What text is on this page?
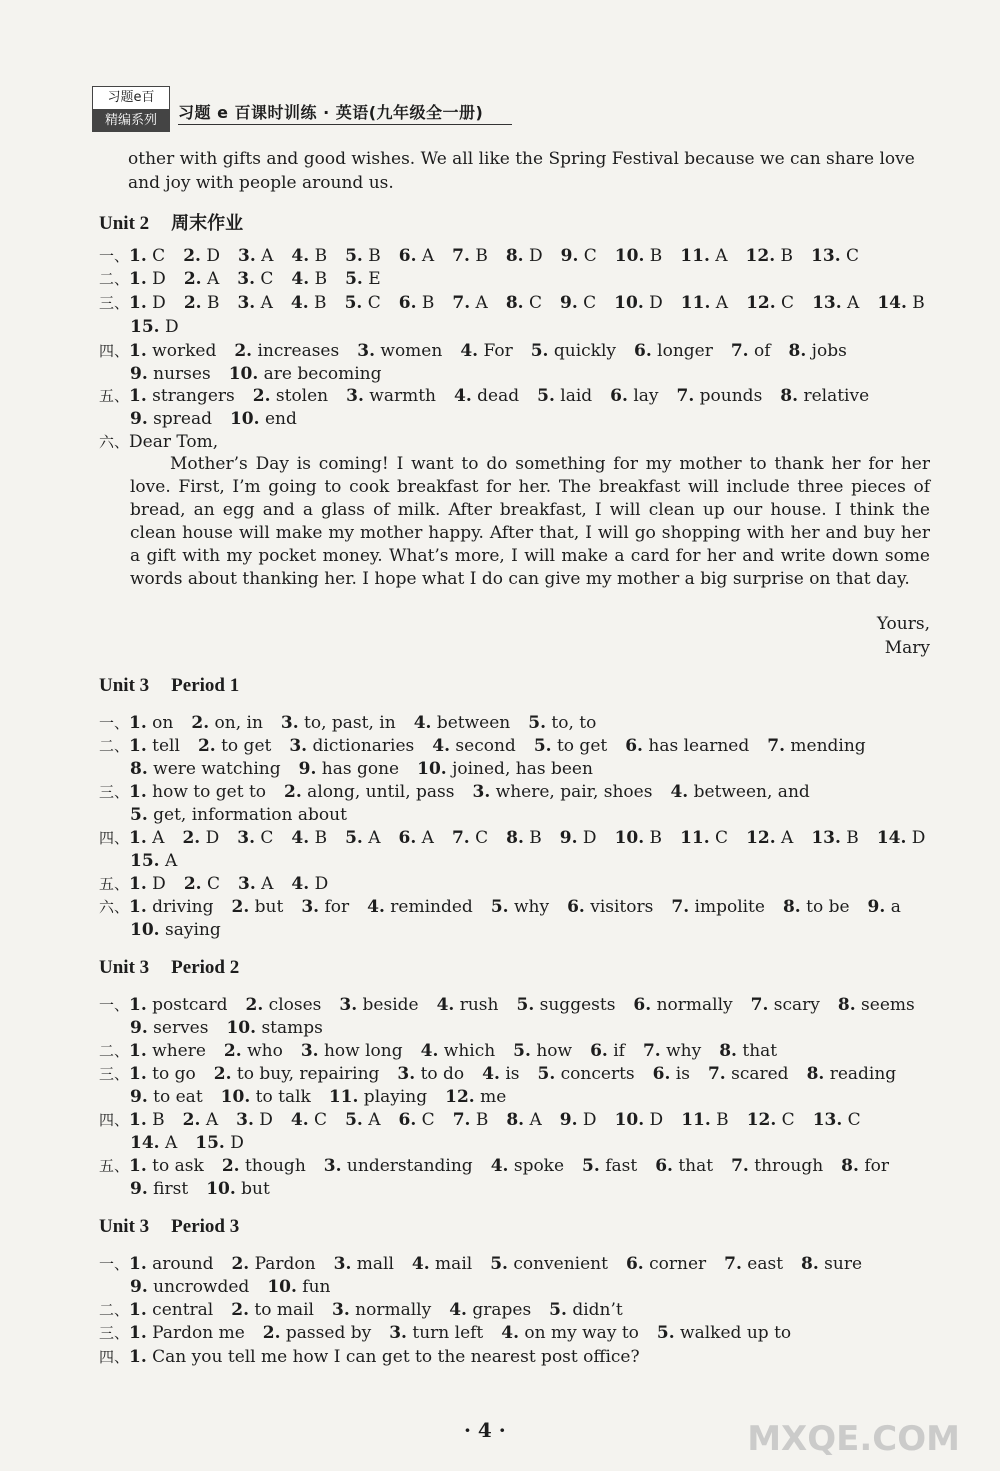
习题e百
精编系列	习题 e 百课时训练 · 英语(九年级全一册)
other with gifts and good wishes. We all like the Spring Festival because we can share love
and joy with people around us.
Unit 2 周末作业
一、1. C 2. D 3. A 4. B 5. B 6. A 7. B 8. D 9. C 10. B 11. A 12. B 13. C
二、1. D 2. A 3. C 4. B 5. E
三、1. D 2. B 3. A 4. B 5. C 6. B 7. A 8. C 9. C 10. D 11. A 12. C 13. A 14. B
15. D
四、1. worked 2. increases 3. women 4. For 5. quickly 6. longer 7. of 8. jobs
9. nurses 10. are becoming
五、1. strangers 2. stolen 3. warmth 4. dead 5. laid 6. lay 7. pounds 8. relative
9. spread 10. end
六、Dear Tom,
Mother’s Day is coming! I want to do something for my mother to thank her for her love. First, I’m going to cook breakfast for her. The breakfast will include three pieces of bread, an egg and a glass of milk. After breakfast, I will clean up our house. I think the clean house will make my mother happy. After that, I will go shopping with her and buy her a gift with my pocket money. What’s more, I will make a card for her and write down some words about thanking her. I hope what I do can give my mother a big surprise on that day.
Yours,
Mary
Unit 3 Period 1
一、1. on 2. on, in 3. to, past, in 4. between 5. to, to
二、1. tell 2. to get 3. dictionaries 4. second 5. to get 6. has learned 7. mending
8. were watching 9. has gone 10. joined, has been
三、1. how to get to 2. along, until, pass 3. where, pair, shoes 4. between, and
5. get, information about
四、1. A 2. D 3. C 4. B 5. A 6. A 7. C 8. B 9. D 10. B 11. C 12. A 13. B 14. D
15. A
五、1. D 2. C 3. A 4. D
六、1. driving 2. but 3. for 4. reminded 5. why 6. visitors 7. impolite 8. to be 9. a
10. saying
Unit 3 Period 2
一、1. postcard 2. closes 3. beside 4. rush 5. suggests 6. normally 7. scary 8. seems
9. serves 10. stamps
二、1. where 2. who 3. how long 4. which 5. how 6. if 7. why 8. that
三、1. to go 2. to buy, repairing 3. to do 4. is 5. concerts 6. is 7. scared 8. reading
9. to eat 10. to talk 11. playing 12. me
四、1. B 2. A 3. D 4. C 5. A 6. C 7. B 8. A 9. D 10. D 11. B 12. C 13. C
14. A 15. D
五、1. to ask 2. though 3. understanding 4. spoke 5. fast 6. that 7. through 8. for
9. first 10. but
Unit 3 Period 3
一、1. around 2. Pardon 3. mall 4. mail 5. convenient 6. corner 7. east 8. sure
9. uncrowded 10. fun
二、1. central 2. to mail 3. normally 4. grapes 5. didn’t
三、1. Pardon me 2. passed by 3. turn left 4. on my way to 5. walked up to
四、1. Can you tell me how I can get to the nearest post office?
· 4 ·	MXQE.COM
